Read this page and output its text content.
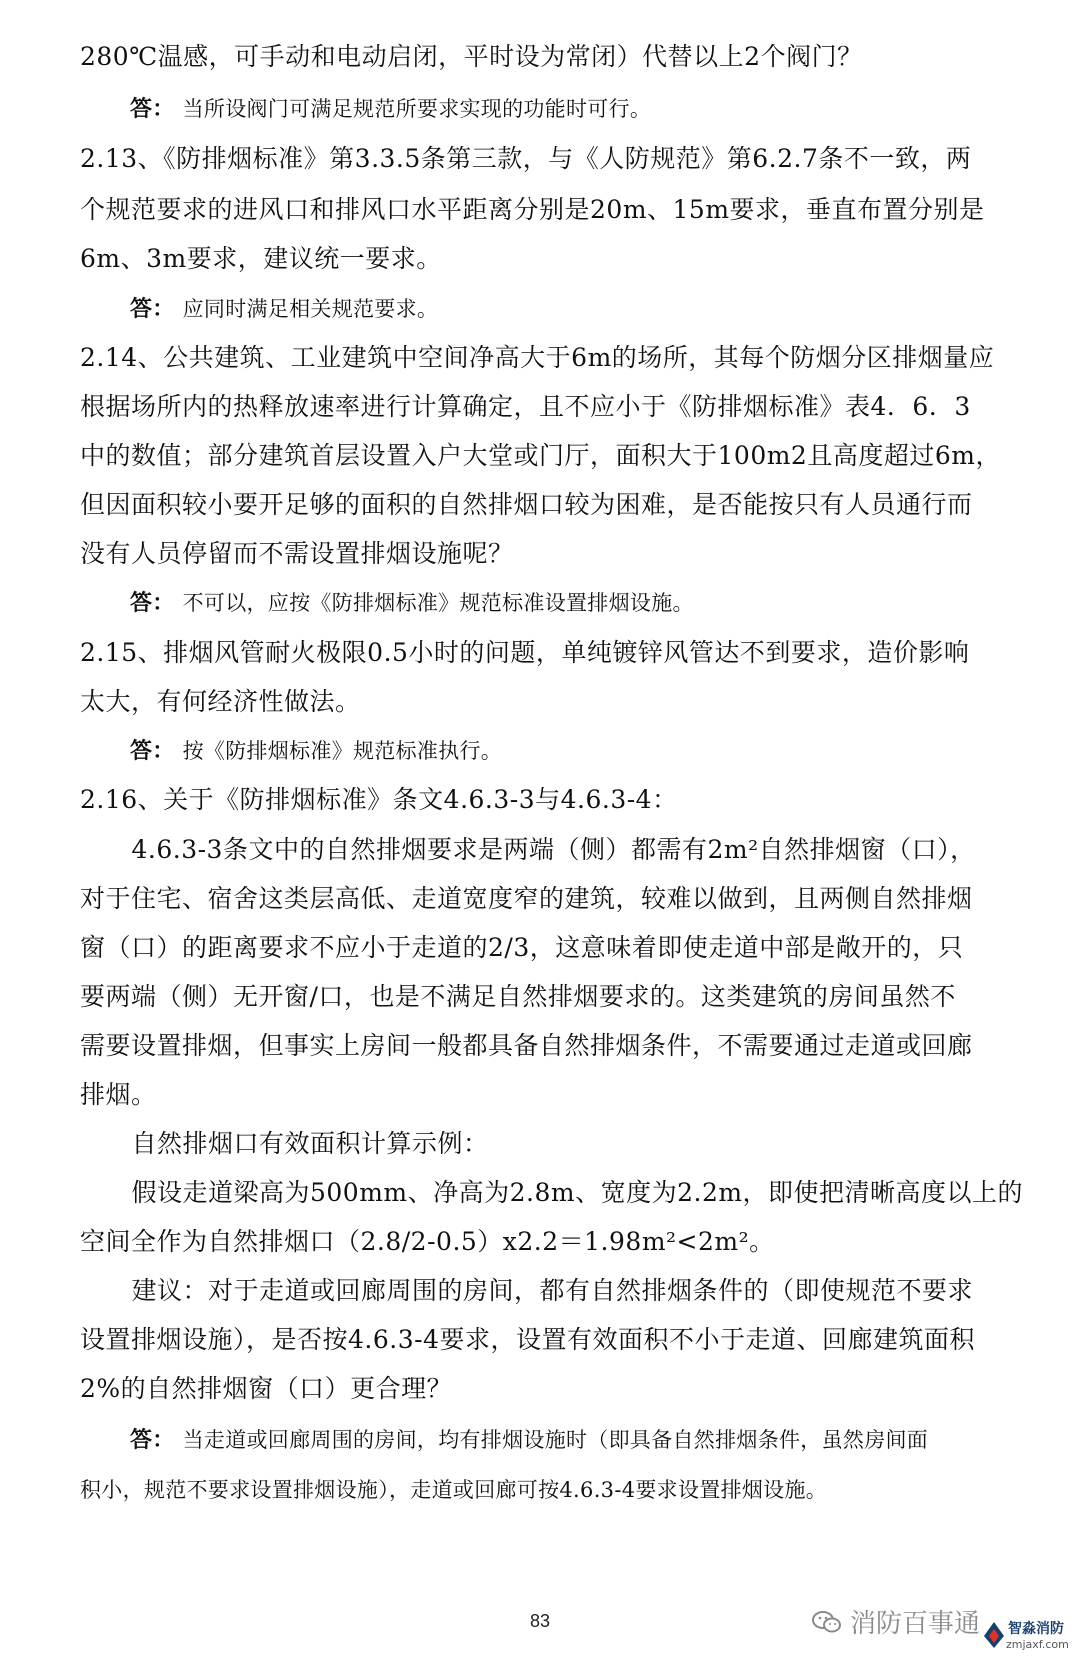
280℃温感，可手动和电动启闭，平时设为常闭）代替以上2个阀门？
答： 当所设阀门可满足规范所要求实现的功能时可行。
2.13、《防排烟标准》第3.3.5条第三款，与《人防规范》第6.2.7条不一致，两
个规范要求的进风口和排风口水平距离分别是20m、15m要求，垂直布置分别是
6m、3m要求，建议统一要求。
答： 应同时满足相关规范要求。
2.14、公共建筑、工业建筑中空间净高大于6m的场所，其每个防烟分区排烟量应
根据场所内的热释放速率进行计算确定，且不应小于《防排烟标准》表4．6．3
中的数值；部分建筑首层设置入户大堂或门厅，面积大于100m2且高度超过6m，
但因面积较小要开足够的面积的自然排烟口较为困难，是否能按只有人员通行而
没有人员停留而不需设置排烟设施呢？
答： 不可以，应按《防排烟标准》规范标准设置排烟设施。
2.15、排烟风管耐火极限0.5小时的问题，单纯镀锌风管达不到要求，造价影响
太大，有何经济性做法。
答： 按《防排烟标准》规范标准执行。
2.16、关于《防排烟标准》条文4.6.3-3与4.6.3-4：
　4.6.3-3条文中的自然排烟要求是两端（侧）都需有2m²自然排烟窗（口），
对于住宅、宿舍这类层高低、走道宽度窄的建筑，较难以做到，且两侧自然排烟
窗（口）的距离要求不应小于走道的2/3，这意味着即使走道中部是敞开的，只
要两端（侧）无开窗/口，也是不满足自然排烟要求的。这类建筑的房间虽然不
需要设置排烟，但事实上房间一般都具备自然排烟条件，不需要通过走道或回廊
排烟。
　自然排烟口有效面积计算示例：
　假设走道梁高为500mm、净高为2.8m、宽度为2.2m，即使把清晰高度以上的
空间全作为自然排烟口（2.8/2-0.5）x2.2＝1.98m²<2m²。
　建议：对于走道或回廊周围的房间，都有自然排烟条件的（即使规范不要求
设置排烟设施），是否按4.6.3-4要求，设置有效面积不小于走道、回廊建筑面积
2%的自然排烟窗（口）更合理？
答： 当走道或回廊周围的房间，均有排烟设施时（即具备自然排烟条件，虽然房间面
积小，规范不要求设置排烟设施），走道或回廊可按4.6.3-4要求设置排烟设施。
83	消防百事通 智淼消防
zmjaxf.com
